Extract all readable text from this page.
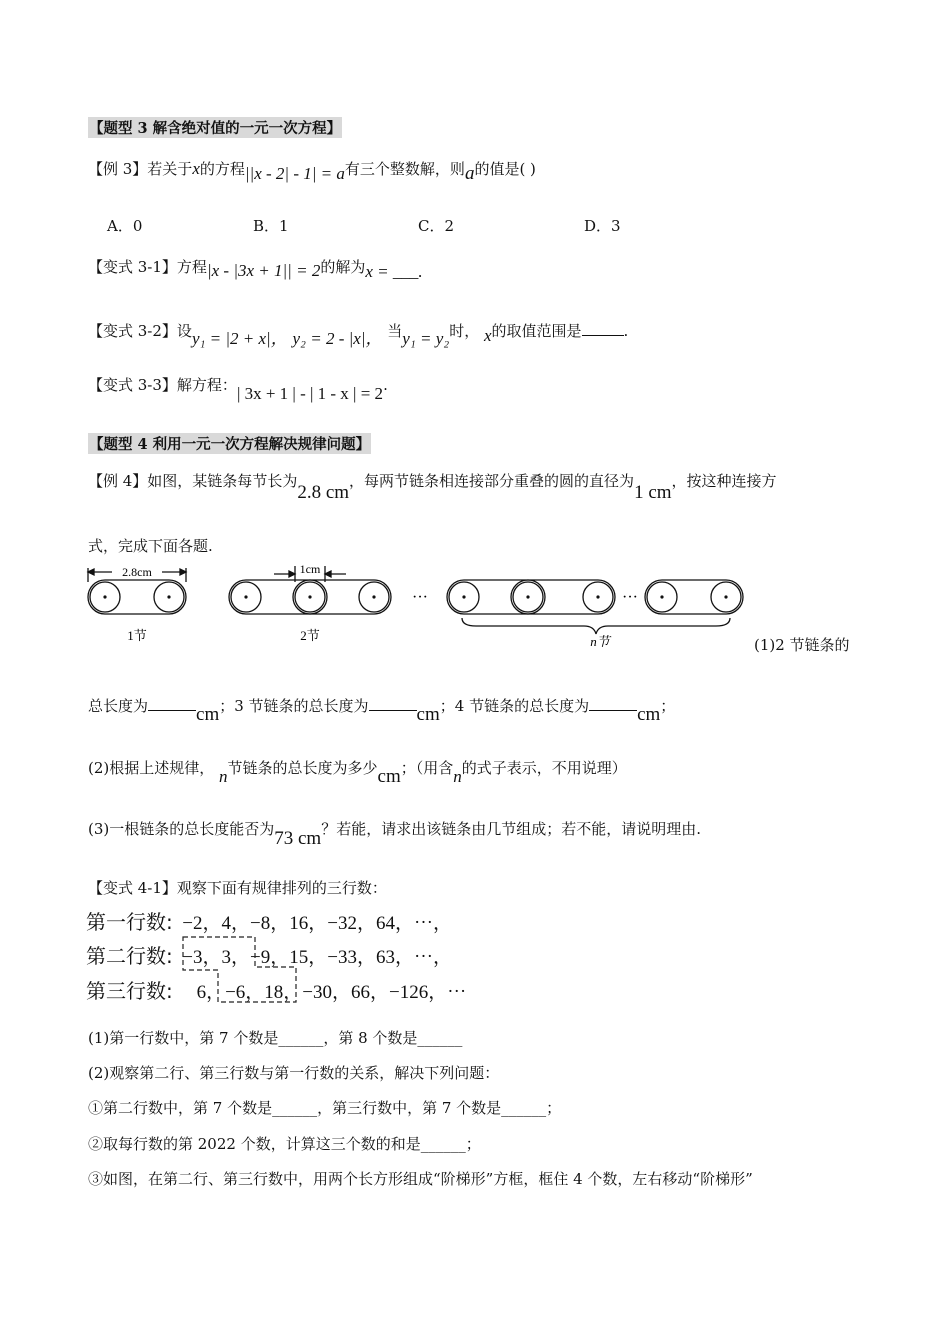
【题型 3 解含绝对值的一元一次方程】
【例 3】若关于x的方程||x - 2| - 1| = a有三个整数解，则a的值是( )
A．0	B．1	C．2	D．3
【变式 3-1】方程|x - |3x + 1|| = 2的解为x = ___.
【变式 3-2】设y₁ = |2 + x|， y₂ = 2 - |x|， 当y₁ = y₂时， x的取值范围是	.
【变式 3-3】解方程：| 3x + 1 | - | 1 - x | = 2.
【题型 4 利用一元一次方程解决规律问题】
【例 4】如图，某链条每节长为2.8 cm，每两节链条相连接部分重叠的圆的直径为1 cm，按这种连接方
式，完成下面各题.
2.8cm
1节
1cm
2节
···	···
n节	(1)2 节链条的
总长度为	cm；3 节链条的总长度为	cm；4 节链条的总长度为	cm；
(2)根据上述规律， n节链条的总长度为多少cm；（用含n的式子表示，不用说理）
(3)一根链条的总长度能否为73 cm？若能，请求出该链条由几节组成；若不能，请说明理由.
【变式 4-1】观察下面有规律排列的三行数：
第一行数: −2，4，−8，16，−32，64，⋯，
第二行数: −3，3，−9，15，−33，63，⋯，
第三行数: 6，−6，18，−30，66，−126，⋯
(1)第一行数中，第 7 个数是______，第 8 个数是______
(2)观察第二行、第三行数与第一行数的关系，解决下列问题：
①第二行数中，第 7 个数是______，第三行数中，第 7 个数是______；
②取每行数的第 2022 个数，计算这三个数的和是______；
③如图，在第二行、第三行数中，用两个长方形组成“阶梯形”方框，框住 4 个数，左右移动“阶梯形”
